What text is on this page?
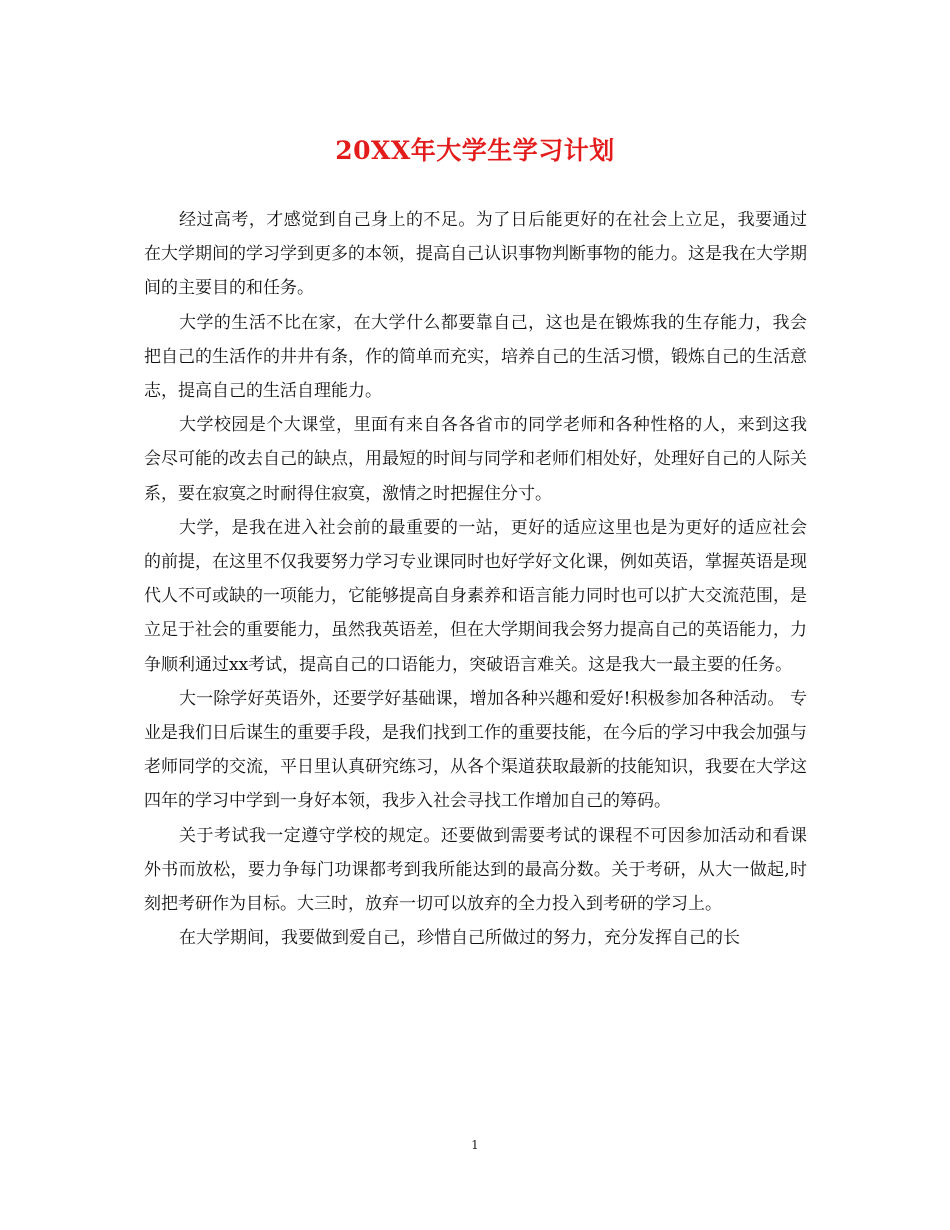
20XX年大学生学习计划

经过高考，才感觉到自己身上的不足。为了日后能更好的在社会上立足，我要通过在大学期间的学习学到更多的本领，提高自己认识事物判断事物的能力。这是我在大学期间的主要目的和任务。

大学的生活不比在家，在大学什么都要靠自己，这也是在锻炼我的生存能力，我会把自己的生活作的井井有条，作的简单而充实，培养自己的生活习惯，锻炼自己的生活意志，提高自己的生活自理能力。

大学校园是个大课堂，里面有来自各各省市的同学老师和各种性格的人，来到这我会尽可能的改去自己的缺点，用最短的时间与同学和老师们相处好，处理好自己的人际关系，要在寂寞之时耐得住寂寞，激情之时把握住分寸。

大学，是我在进入社会前的最重要的一站，更好的适应这里也是为更好的适应社会的前提，在这里不仅我要努力学习专业课同时也好学好文化课，例如英语，掌握英语是现代人不可或缺的一项能力，它能够提高自身素养和语言能力同时也可以扩大交流范围，是立足于社会的重要能力，虽然我英语差，但在大学期间我会努力提高自己的英语能力，力争顺利通过xx考试，提高自己的口语能力，突破语言难关。这是我大一最主要的任务。

大一除学好英语外，还要学好基础课，增加各种兴趣和爱好!积极参加各种活动。 专业是我们日后谋生的重要手段，是我们找到工作的重要技能，在今后的学习中我会加强与老师同学的交流，平日里认真研究练习，从各个渠道获取最新的技能知识，我要在大学这四年的学习中学到一身好本领，我步入社会寻找工作增加自己的筹码。

关于考试我一定遵守学校的规定。还要做到需要考试的课程不可因参加活动和看课外书而放松，要力争每门功课都考到我所能达到的最高分数。关于考研，从大一做起,时刻把考研作为目标。大三时，放弃一切可以放弃的全力投入到考研的学习上。

在大学期间，我要做到爱自己，珍惜自己所做过的努力，充分发挥自己的长

1
